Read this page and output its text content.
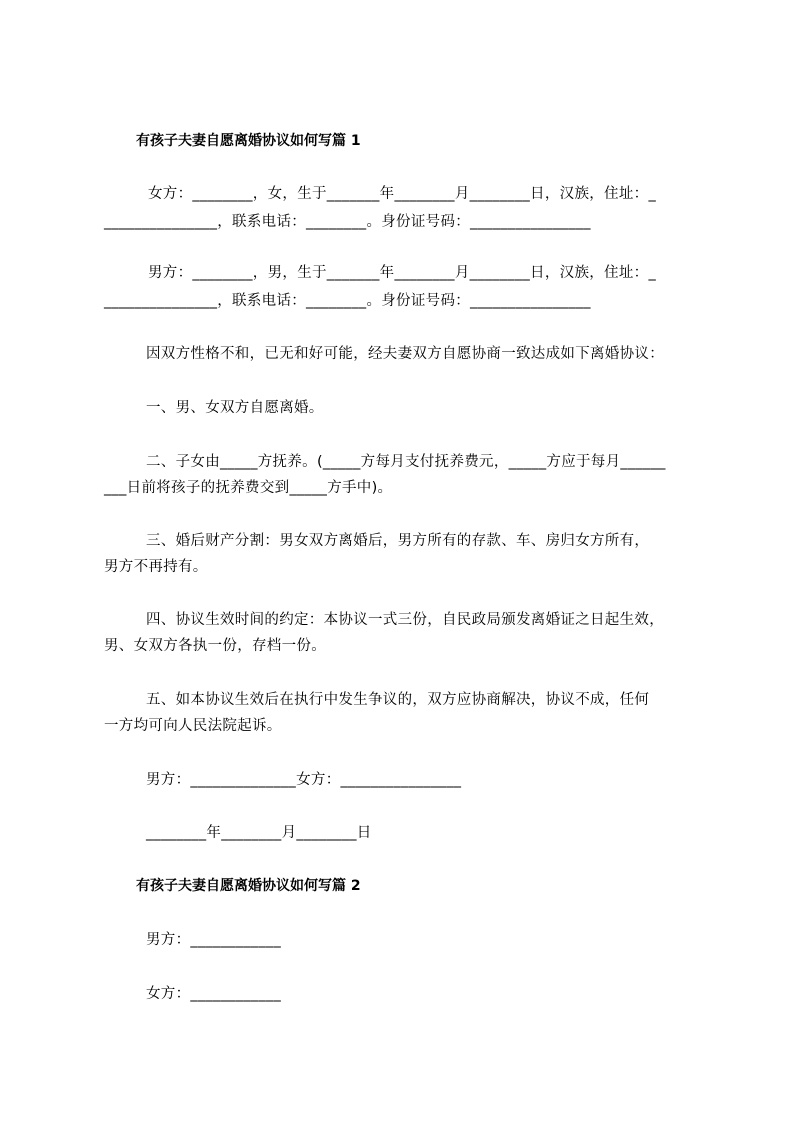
有孩子夫妻自愿离婚协议如何写篇 1
女方：________，女，生于_______年________月________日，汉族，住址：_
_______________，联系电话：________。身份证号码：________________
男方：________，男，生于_______年________月________日，汉族，住址：_
_______________，联系电话：________。身份证号码：________________
因双方性格不和，已无和好可能，经夫妻双方自愿协商一致达成如下离婚协议：
一、男、女双方自愿离婚。
二、子女由_____方抚养。(_____方每月支付抚养费元，_____方应于每月______
___日前将孩子的抚养费交到_____方手中)。
三、婚后财产分割：男女双方离婚后，男方所有的存款、车、房归女方所有，
男方不再持有。
四、协议生效时间的约定：本协议一式三份，自民政局颁发离婚证之日起生效，
男、女双方各执一份，存档一份。
五、如本协议生效后在执行中发生争议的，双方应协商解决，协议不成，任何
一方均可向人民法院起诉。
男方：______________女方：________________
________年________月________日
有孩子夫妻自愿离婚协议如何写篇 2
男方：____________
女方：____________
